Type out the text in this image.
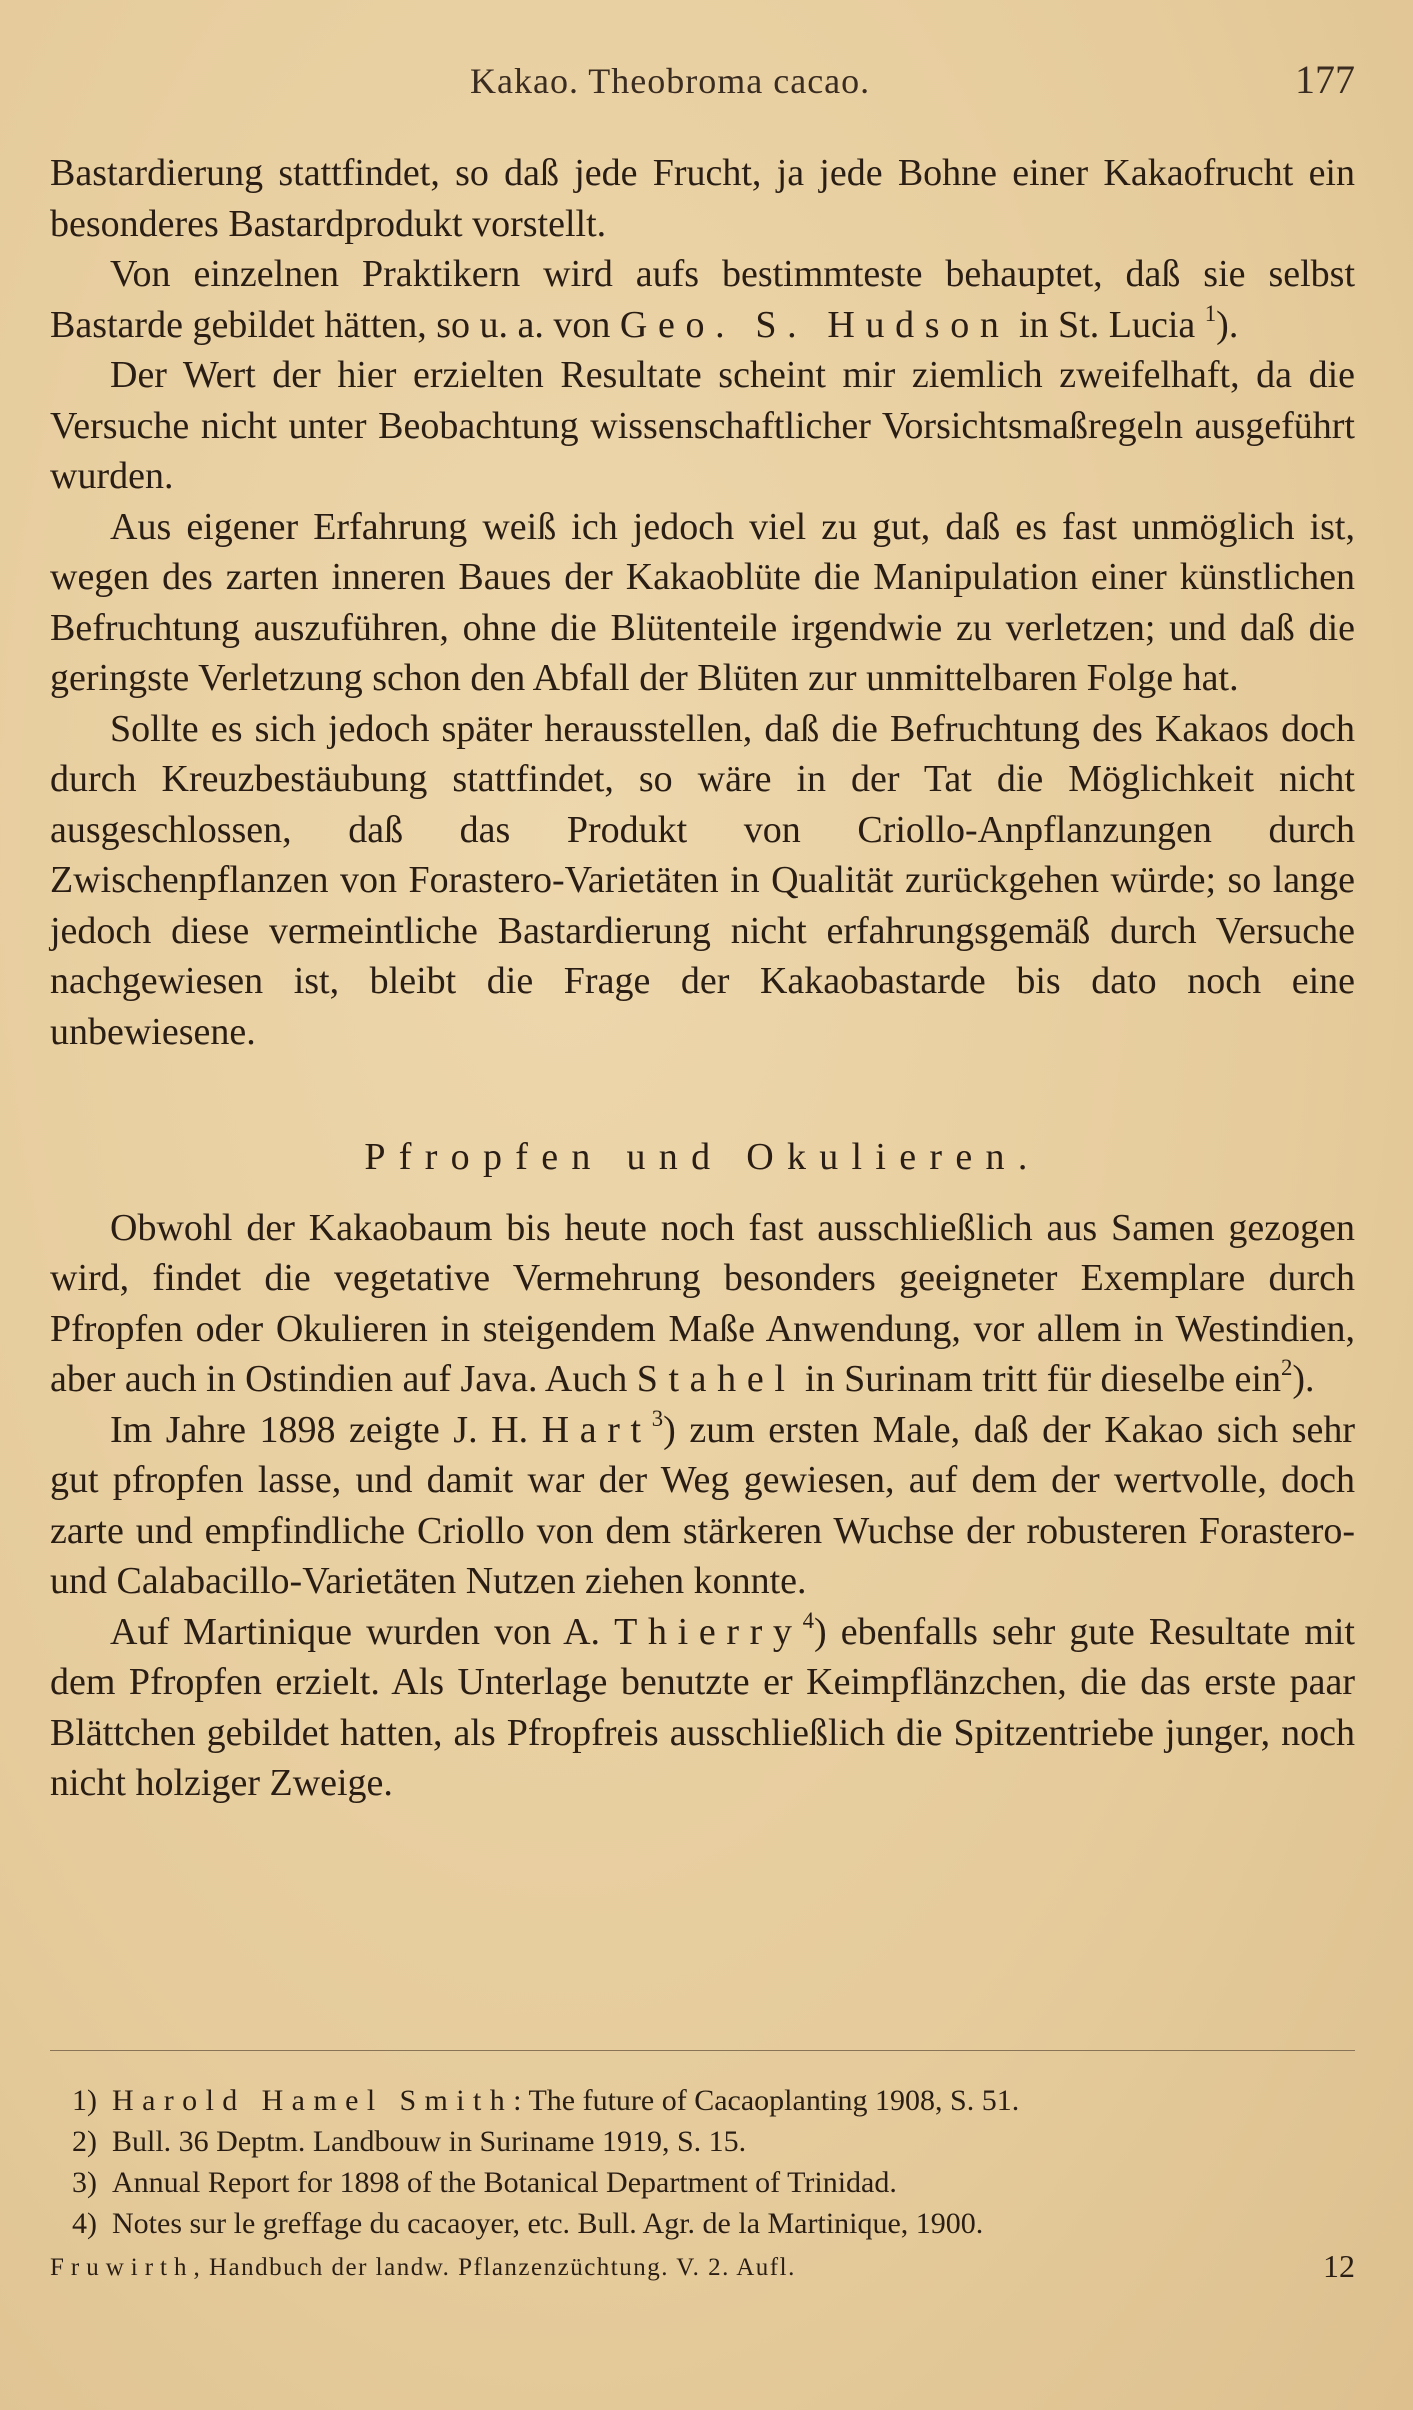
Kakao. Theobroma cacao.	177

Bastardierung stattfindet, so daß jede Frucht, ja jede Bohne einer Kakaofrucht ein besonderes Bastardprodukt vorstellt.

Von einzelnen Praktikern wird aufs bestimmteste behauptet, daß sie selbst Bastarde gebildet hätten, so u. a. von Geo. S. Hudson in St. Lucia $^1$).

Der Wert der hier erzielten Resultate scheint mir ziemlich zweifelhaft, da die Versuche nicht unter Beobachtung wissenschaftlicher Vorsichtsmaßregeln ausgeführt wurden.

Aus eigener Erfahrung weiß ich jedoch viel zu gut, daß es fast unmöglich ist, wegen des zarten inneren Baues der Kakaoblüte die Manipulation einer künstlichen Befruchtung auszuführen, ohne die Blütenteile irgendwie zu verletzen; und daß die geringste Verletzung schon den Abfall der Blüten zur unmittelbaren Folge hat.

Sollte es sich jedoch später herausstellen, daß die Befruchtung des Kakaos doch durch Kreuzbestäubung stattfindet, so wäre in der Tat die Möglichkeit nicht ausgeschlossen, daß das Produkt von Criollo-Anpflanzungen durch Zwischenpflanzen von Forastero-Varietäten in Qualität zurückgehen würde; so lange jedoch diese vermeintliche Bastardierung nicht erfahrungsgemäß durch Versuche nachgewiesen ist, bleibt die Frage der Kakaobastarde bis dato noch eine unbewiesene.

Pfropfen und Okulieren.

Obwohl der Kakaobaum bis heute noch fast ausschließlich aus Samen gezogen wird, findet die vegetative Vermehrung besonders geeigneter Exemplare durch Pfropfen oder Okulieren in steigendem Maße Anwendung, vor allem in Westindien, aber auch in Ostindien auf Java. Auch Stahel in Surinam tritt für dieselbe ein$^2$).

Im Jahre 1898 zeigte J. H. Hart$^3$) zum ersten Male, daß der Kakao sich sehr gut pfropfen lasse, und damit war der Weg gewiesen, auf dem der wertvolle, doch zarte und empfindliche Criollo von dem stärkeren Wuchse der robusteren Forastero- und Calabacillo-Varietäten Nutzen ziehen konnte.

Auf Martinique wurden von A. Thierry$^4$) ebenfalls sehr gute Resultate mit dem Pfropfen erzielt. Als Unterlage benutzte er Keimpflänzchen, die das erste paar Blättchen gebildet hatten, als Pfropfreis ausschließlich die Spitzentriebe junger, noch nicht holziger Zweige.

1) Harold Hamel Smith: The future of Cacaoplanting 1908, S. 51.

2) Bull. 36 Deptm. Landbouw in Suriname 1919, S. 15.

3) Annual Report for 1898 of the Botanical Department of Trinidad.

4) Notes sur le greffage du cacaoyer, etc. Bull. Agr. de la Martinique, 1900.

Fruwirth, Handbuch der landw. Pflanzenzüchtung. V. 2. Aufl.	12
